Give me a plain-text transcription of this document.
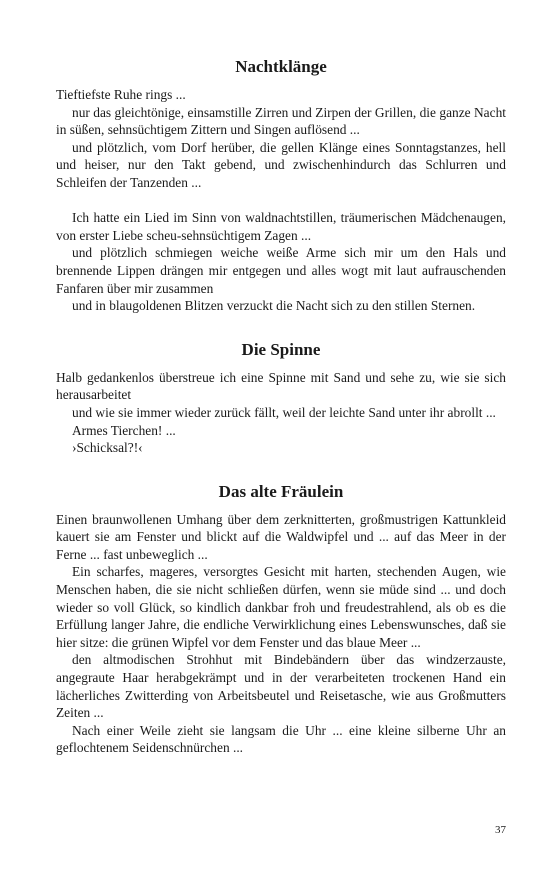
Nachtklänge

Tieftiefste Ruhe rings ...

nur das gleichtönige, einsamstille Zirren und Zirpen der Grillen, die ganze Nacht in süßen, sehnsüchtigem Zittern und Singen auflösend ...

und plötzlich, vom Dorf herüber, die gellen Klänge eines Sonntagstanzes, hell und heiser, nur den Takt gebend, und zwischenhindurch das Schlurren und Schleifen der Tanzenden ...

Ich hatte ein Lied im Sinn von waldnachtstillen, träumerischen Mädchenaugen, von erster Liebe scheu-sehnsüchtigem Zagen ...

und plötzlich schmiegen weiche weiße Arme sich mir um den Hals und brennende Lippen drängen mir entgegen und alles wogt mit laut aufrauschenden Fanfaren über mir zusammen

und in blaugoldenen Blitzen verzuckt die Nacht sich zu den stillen Sternen.

Die Spinne

Halb gedankenlos überstreue ich eine Spinne mit Sand und sehe zu, wie sie sich herausarbeitet

und wie sie immer wieder zurück fällt, weil der leichte Sand unter ihr abrollt ...

Armes Tierchen! ...

›Schicksal?!‹

Das alte Fräulein

Einen braunwollenen Umhang über dem zerknitterten, großmustrigen Kattunkleid kauert sie am Fenster und blickt auf die Waldwipfel und ... auf das Meer in der Ferne ... fast unbeweglich ...

Ein scharfes, mageres, versorgtes Gesicht mit harten, stechenden Augen, wie Menschen haben, die sie nicht schließen dürfen, wenn sie müde sind ... und doch wieder so voll Glück, so kindlich dankbar froh und freudestrahlend, als ob es die Erfüllung langer Jahre, die endliche Verwirklichung eines Lebenswunsches, daß sie hier sitze: die grünen Wipfel vor dem Fenster und das blaue Meer ...

den altmodischen Strohhut mit Bindebändern über das windzerzauste, angegraute Haar herabgekrämpt und in der verarbeiteten trockenen Hand ein lächerliches Zwitterding von Arbeitsbeutel und Reisetasche, wie aus Großmutters Zeiten ...

Nach einer Weile zieht sie langsam die Uhr ... eine kleine silberne Uhr an geflochtenem Seidenschnürchen ...

37
